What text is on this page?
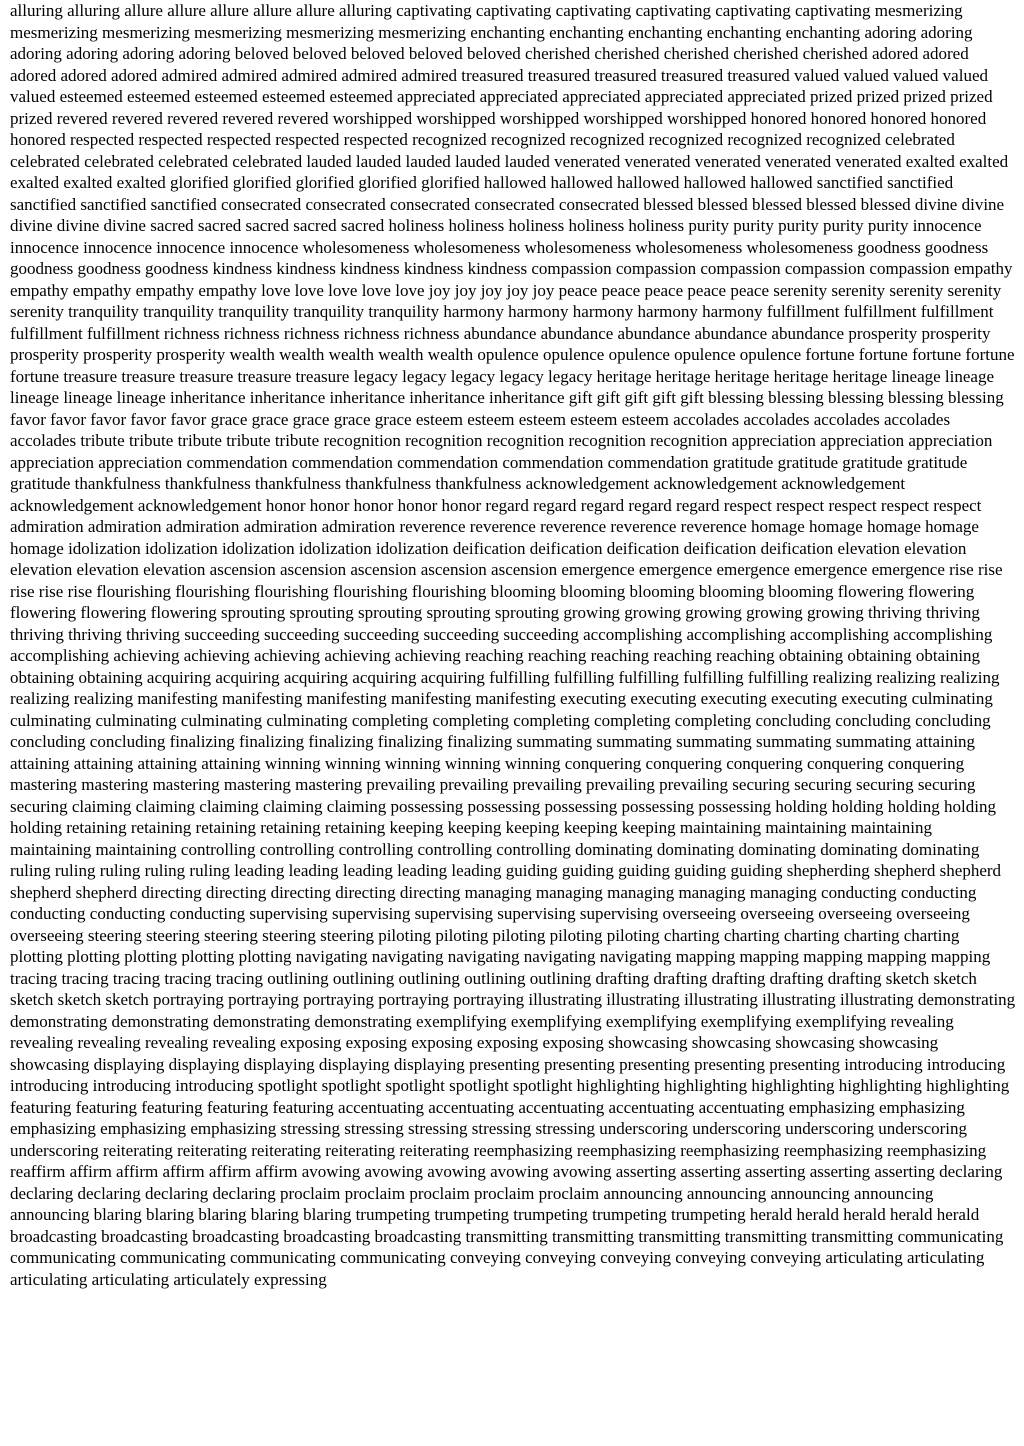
alluring alluring allure allure allure allure allure alluring captivating captivating captivating captivating captivating captivating mesmerizing mesmerizing mesmerizing mesmerizing mesmerizing mesmerizing enchanting enchanting enchanting enchanting enchanting adoring adoring adoring adoring adoring adoring beloved beloved beloved beloved beloved cherished cherished cherished cherished cherished adored adored adored adored adored admired admired admired admired admired treasured treasured treasured treasured treasured valued valued valued valued valued esteemed esteemed esteemed esteemed esteemed appreciated appreciated appreciated appreciated appreciated prized prized prized prized prized revered revered revered revered revered worshipped worshipped worshipped worshipped worshipped honored honored honored honored honored respected respected respected respected respected recognized recognized recognized recognized recognized recognized celebrated celebrated celebrated celebrated celebrated lauded lauded lauded lauded lauded venerated venerated venerated venerated venerated exalted exalted exalted exalted exalted glorified glorified glorified glorified glorified hallowed hallowed hallowed hallowed hallowed sanctified sanctified sanctified sanctified sanctified consecrated consecrated consecrated consecrated consecrated blessed blessed blessed blessed blessed divine divine divine divine divine sacred sacred sacred sacred sacred holiness holiness holiness holiness holiness purity purity purity purity purity innocence innocence innocence innocence innocence wholesomeness wholesomeness wholesomeness wholesomeness wholesomeness goodness goodness goodness goodness goodness kindness kindness kindness kindness kindness compassion compassion compassion compassion compassion empathy empathy empathy empathy empathy love love love love love joy joy joy joy joy peace peace peace peace peace serenity serenity serenity serenity serenity tranquility tranquility tranquility tranquility tranquility harmony harmony harmony harmony harmony fulfillment fulfillment fulfillment fulfillment fulfillment richness richness richness richness richness abundance abundance abundance abundance abundance prosperity prosperity prosperity prosperity prosperity wealth wealth wealth wealth wealth opulence opulence opulence opulence opulence fortune fortune fortune fortune fortune treasure treasure treasure treasure treasure legacy legacy legacy legacy legacy heritage heritage heritage heritage heritage lineage lineage lineage lineage lineage inheritance inheritance inheritance inheritance inheritance gift gift gift gift gift blessing blessing blessing blessing blessing favor favor favor favor favor grace grace grace grace grace esteem esteem esteem esteem esteem accolades accolades accolades accolades accolades tribute tribute tribute tribute tribute recognition recognition recognition recognition recognition appreciation appreciation appreciation appreciation appreciation commendation commendation commendation commendation commendation gratitude gratitude gratitude gratitude gratitude thankfulness thankfulness thankfulness thankfulness thankfulness acknowledgement acknowledgement acknowledgement acknowledgement acknowledgement honor honor honor honor honor regard regard regard regard regard respect respect respect respect respect admiration admiration admiration admiration admiration reverence reverence reverence reverence reverence homage homage homage homage homage idolization idolization idolization idolization idolization deification deification deification deification deification elevation elevation elevation elevation elevation ascension ascension ascension ascension ascension emergence emergence emergence emergence emergence rise rise rise rise rise flourishing flourishing flourishing flourishing flourishing blooming blooming blooming blooming blooming flowering flowering flowering flowering flowering sprouting sprouting sprouting sprouting sprouting growing growing growing growing growing thriving thriving thriving thriving thriving succeeding succeeding succeeding succeeding succeeding accomplishing accomplishing accomplishing accomplishing accomplishing achieving achieving achieving achieving achieving reaching reaching reaching reaching reaching obtaining obtaining obtaining obtaining obtaining acquiring acquiring acquiring acquiring acquiring fulfilling fulfilling fulfilling fulfilling fulfilling realizing realizing realizing realizing realizing manifesting manifesting manifesting manifesting manifesting executing executing executing executing executing culminating culminating culminating culminating culminating completing completing completing completing completing concluding concluding concluding concluding concluding finalizing finalizing finalizing finalizing finalizing summating summating summating summating summating attaining attaining attaining attaining attaining winning winning winning winning winning conquering conquering conquering conquering conquering mastering mastering mastering mastering mastering prevailing prevailing prevailing prevailing prevailing securing securing securing securing securing claiming claiming claiming claiming claiming possessing possessing possessing possessing possessing holding holding holding holding holding retaining retaining retaining retaining retaining keeping keeping keeping keeping keeping maintaining maintaining maintaining maintaining maintaining controlling controlling controlling controlling controlling dominating dominating dominating dominating dominating ruling ruling ruling ruling ruling leading leading leading leading leading guiding guiding guiding guiding guiding shepherding shepherd shepherd shepherd shepherd directing directing directing directing directing managing managing managing managing managing conducting conducting conducting conducting conducting supervising supervising supervising supervising supervising overseeing overseeing overseeing overseeing overseeing steering steering steering steering steering piloting piloting piloting piloting piloting charting charting charting charting charting plotting plotting plotting plotting plotting navigating navigating navigating navigating navigating mapping mapping mapping mapping mapping tracing tracing tracing tracing tracing outlining outlining outlining outlining outlining drafting drafting drafting drafting drafting sketch sketch sketch sketch sketch portraying portraying portraying portraying portraying illustrating illustrating illustrating illustrating illustrating demonstrating demonstrating demonstrating demonstrating demonstrating exemplifying exemplifying exemplifying exemplifying exemplifying revealing revealing revealing revealing revealing exposing exposing exposing exposing exposing showcasing showcasing showcasing showcasing showcasing displaying displaying displaying displaying displaying presenting presenting presenting presenting presenting introducing introducing introducing introducing introducing spotlight spotlight spotlight spotlight spotlight highlighting highlighting highlighting highlighting highlighting featuring featuring featuring featuring featuring accentuating accentuating accentuating accentuating accentuating emphasizing emphasizing emphasizing emphasizing emphasizing stressing stressing stressing stressing stressing underscoring underscoring underscoring underscoring underscoring reiterating reiterating reiterating reiterating reiterating reemphasizing reemphasizing reemphasizing reemphasizing reemphasizing reaffirm affirm affirm affirm affirm affirm avowing avowing avowing avowing avowing asserting asserting asserting asserting asserting declaring declaring declaring declaring declaring proclaim proclaim proclaim proclaim proclaim announcing announcing announcing announcing announcing blaring blaring blaring blaring blaring trumpeting trumpeting trumpeting trumpeting trumpeting herald herald herald herald herald broadcasting broadcasting broadcasting broadcasting broadcasting transmitting transmitting transmitting transmitting transmitting communicating communicating communicating communicating communicating conveying conveying conveying conveying conveying articulating articulating articulating articulating articulately expressing
